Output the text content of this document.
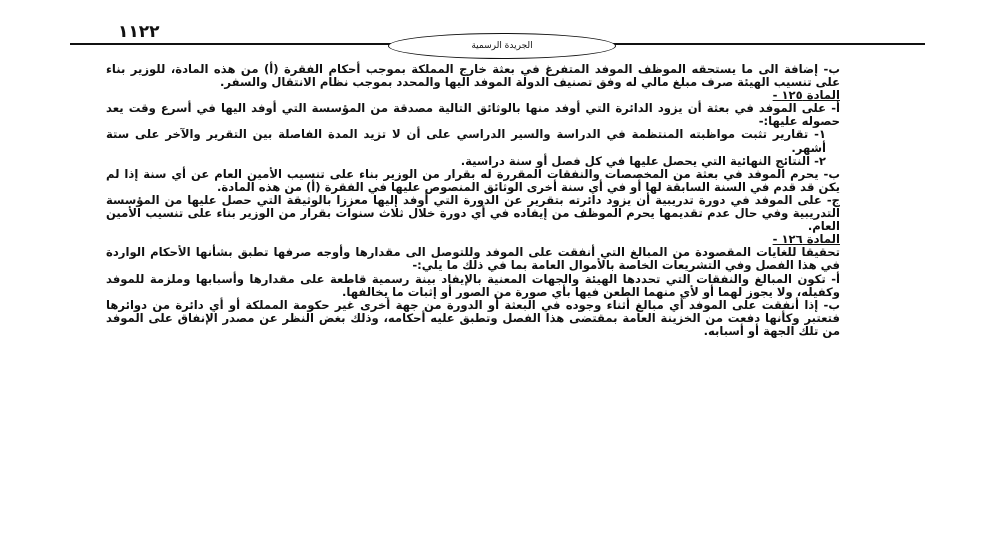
١١٢٢
الجريدة الرسمية

ب- إضافة الى ما يستحقه الموظف الموفد المتفرغ في بعثة خارج المملكة بموجب أحكام الفقرة (أ) من هذه المادة، للوزير بناء على تنسيب الهيئة صرف مبلغ مالي له وفق تصنيف الدولة الموفد اليها والمحدد بموجب نظام الانتقال والسفر.

المادة ١٢٥ -

أ- على الموفد في بعثة أن يزود الدائرة التي أوفد منها بالوثائق التالية مصدقة من المؤسسة التي أوفد اليها في أسرع وقت يعد حصوله عليها:-

١- تقارير تثبت مواظبته المنتظمة في الدراسة والسير الدراسي على أن لا تزيد المدة الفاصلة بين التقرير والآخر على ستة أشهر.

٢- النتائج النهائية التي يحصل عليها في كل فصل أو سنة دراسية.

ب- يحرم الموفد في بعثة من المخصصات والنفقات المقررة له بقرار من الوزير بناء على تنسيب الأمين العام عن أي سنة إذا لم يكن قد قدم في السنة السابقة لها أو في أي سنة أخرى الوثائق المنصوص عليها في الفقرة (أ) من هذه المادة.

ج- على الموفد في دورة تدريبية أن يزود دائرته بتقرير عن الدورة التي أوفد إليها معززا بالوثيقة التي حصل عليها من المؤسسة التدريبية وفي حال عدم تقديمها يحرم الموظف من إيفاده في أي دورة خلال ثلاث سنوات بقرار من الوزير بناء على تنسيب الأمين العام.

المادة ١٢٦ -

تحقيقا للغايات المقصودة من المبالغ التي أنفقت على الموفد وللتوصل الى مقدارها وأوجه صرفها تطبق بشأنها الأحكام الواردة في هذا الفصل وفي التشريعات الخاصة بالأموال العامة بما في ذلك ما يلي:-

أ- تكون المبالغ والنفقات التي تحددها الهيئة والجهات المعنية بالإيفاد بينة رسمية قاطعة على مقدارها وأسبابها وملزمة للموفد وكفيله، ولا يجوز لهما أو لأي منهما الطعن فيها بأي صورة من الصور أو إثبات ما يخالفها.

ب- إذا أنفقت على الموفد أي مبالغ أثناء وجوده في البعثة أو الدورة من جهة أخرى غير حكومة المملكة أو أي دائرة من دوائرها فتعتبر وكأنها دفعت من الخزينة العامة بمقتضى هذا الفصل وتطبق عليه أحكامه، وذلك بغض النظر عن مصدر الإنفاق على الموفد من تلك الجهة أو أسبابه.
